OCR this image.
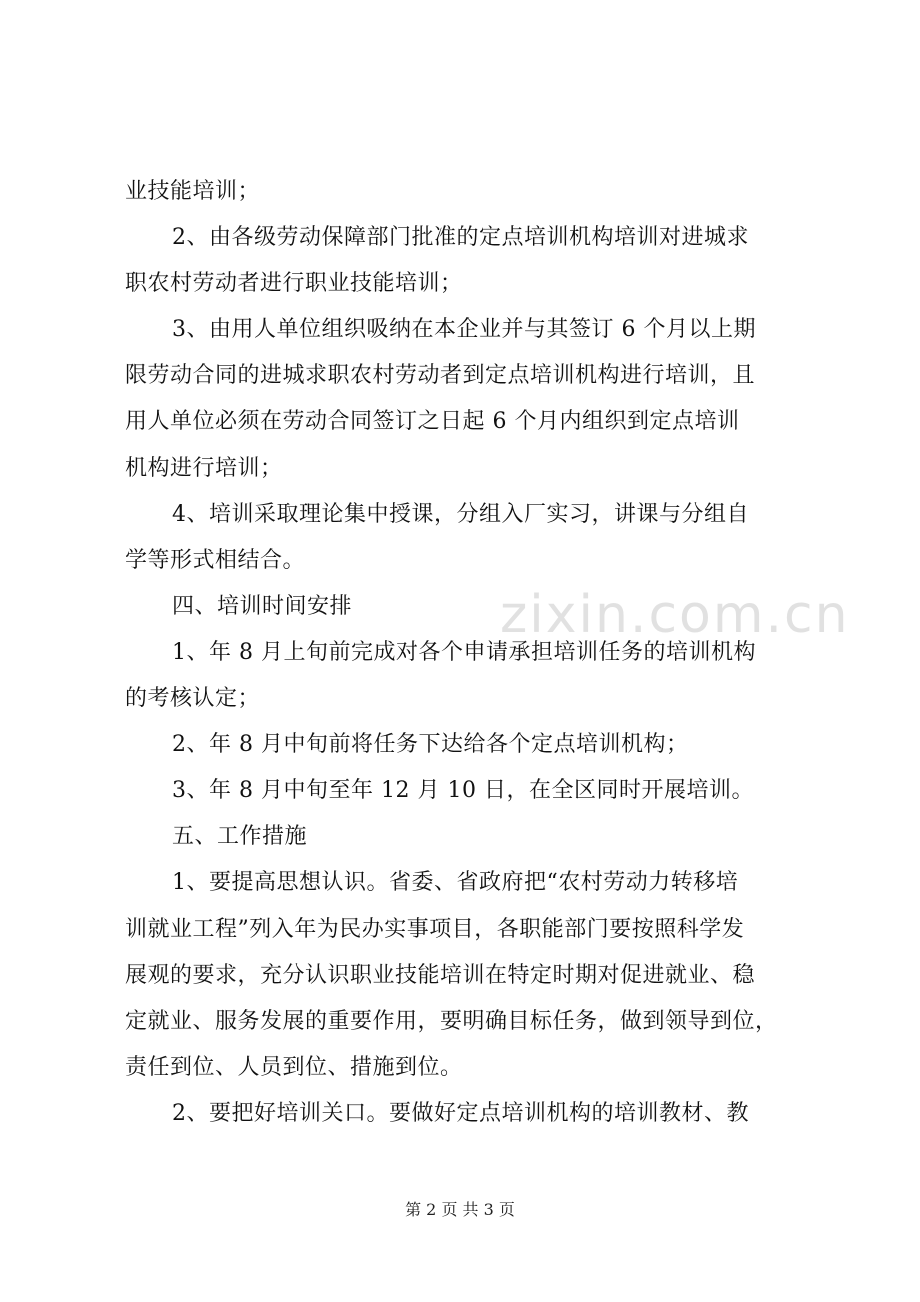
业技能培训；
2、由各级劳动保障部门批准的定点培训机构培训对进城求
职农村劳动者进行职业技能培训；
3、由用人单位组织吸纳在本企业并与其签订 6 个月以上期
限劳动合同的进城求职农村劳动者到定点培训机构进行培训，且
用人单位必须在劳动合同签订之日起 6 个月内组织到定点培训
机构进行培训；
4、培训采取理论集中授课，分组入厂实习，讲课与分组自
学等形式相结合。
四、培训时间安排
1、年 8 月上旬前完成对各个申请承担培训任务的培训机构
的考核认定；
2、年 8 月中旬前将任务下达给各个定点培训机构；
3、年 8 月中旬至年 12 月 10 日，在全区同时开展培训。
五、工作措施
1、要提高思想认识。省委、省政府把“农村劳动力转移培
训就业工程”列入年为民办实事项目，各职能部门要按照科学发
展观的要求，充分认识职业技能培训在特定时期对促进就业、稳
定就业、服务发展的重要作用，要明确目标任务，做到领导到位，
责任到位、人员到位、措施到位。
2、要把好培训关口。要做好定点培训机构的培训教材、教
zixin.com.cn
第 2 页 共 3 页
